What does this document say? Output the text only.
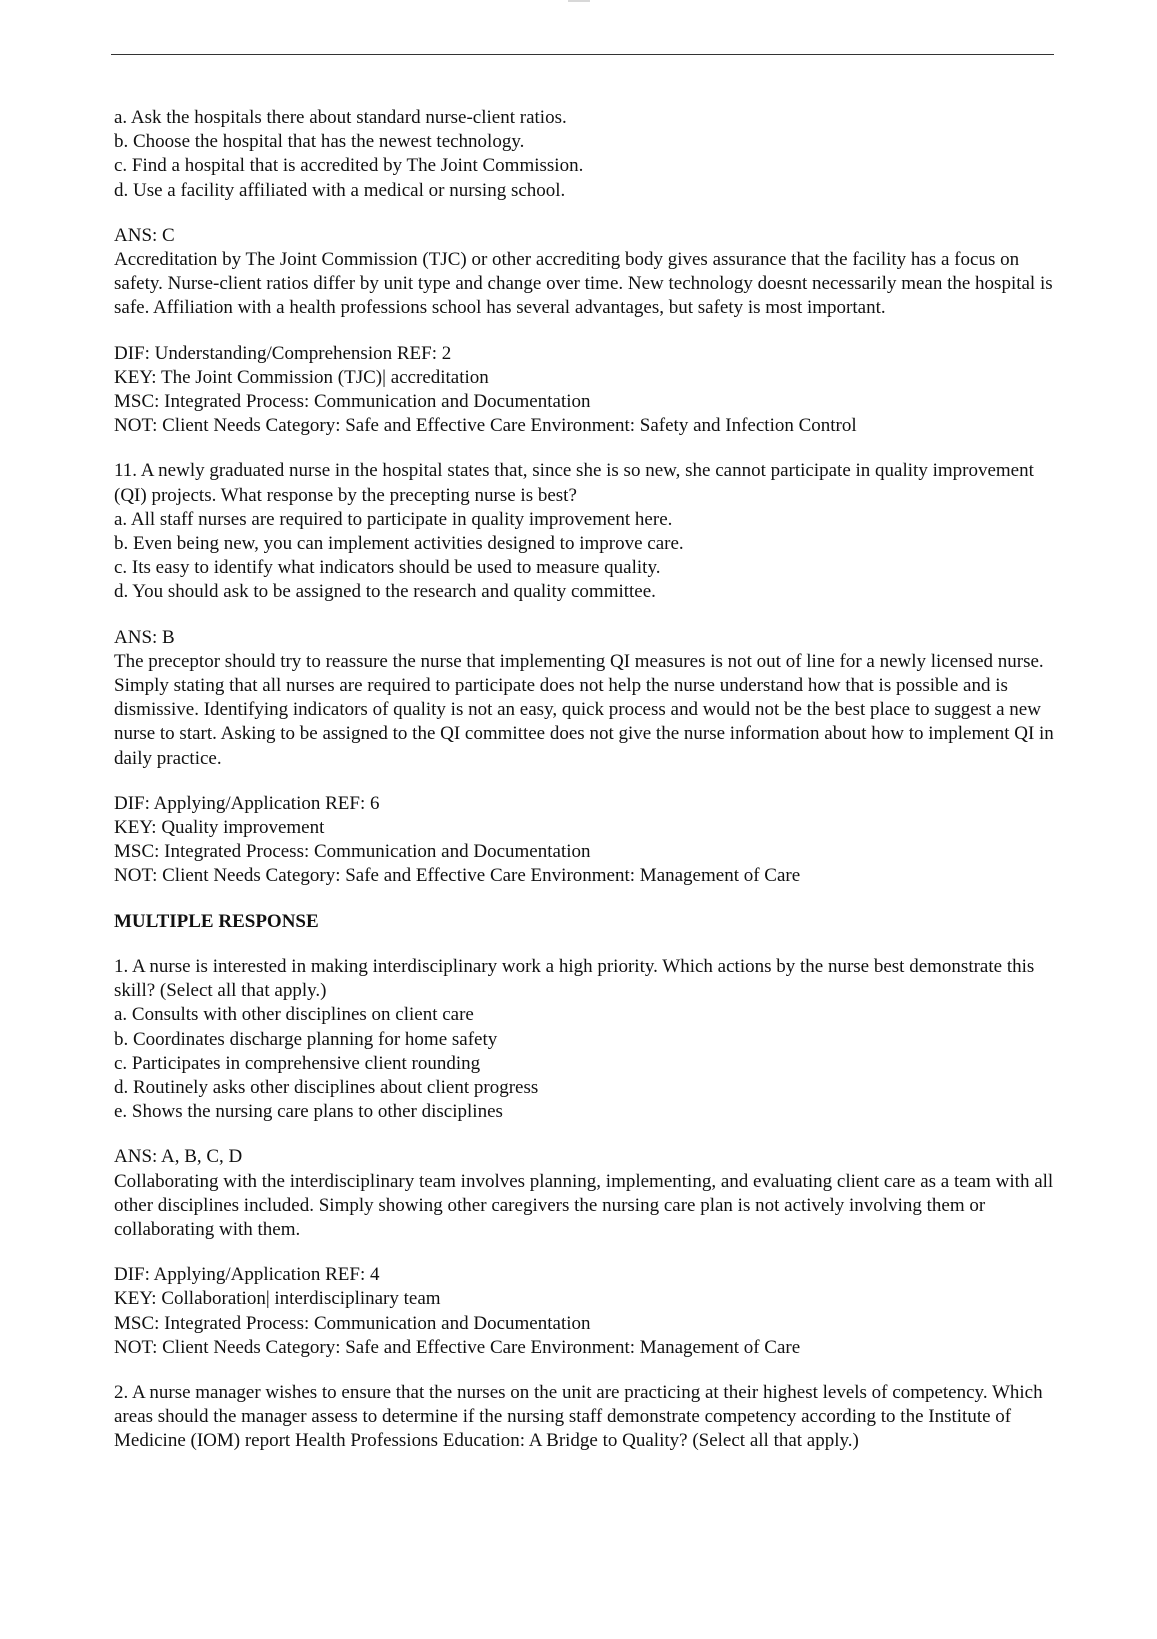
a. Ask the hospitals there about standard nurse-client ratios.
b. Choose the hospital that has the newest technology.
c. Find a hospital that is accredited by The Joint Commission.
d. Use a facility affiliated with a medical or nursing school.
ANS: C
Accreditation by The Joint Commission (TJC) or other accrediting body gives assurance that the facility has a focus on safety. Nurse-client ratios differ by unit type and change over time. New technology doesnt necessarily mean the hospital is safe. Affiliation with a health professions school has several advantages, but safety is most important.
DIF: Understanding/Comprehension REF: 2
KEY: The Joint Commission (TJC)| accreditation
MSC: Integrated Process: Communication and Documentation
NOT: Client Needs Category: Safe and Effective Care Environment: Safety and Infection Control
11. A newly graduated nurse in the hospital states that, since she is so new, she cannot participate in quality improvement (QI) projects. What response by the precepting nurse is best?
a. All staff nurses are required to participate in quality improvement here.
b. Even being new, you can implement activities designed to improve care.
c. Its easy to identify what indicators should be used to measure quality.
d. You should ask to be assigned to the research and quality committee.
ANS: B
The preceptor should try to reassure the nurse that implementing QI measures is not out of line for a newly licensed nurse. Simply stating that all nurses are required to participate does not help the nurse understand how that is possible and is dismissive. Identifying indicators of quality is not an easy, quick process and would not be the best place to suggest a new nurse to start. Asking to be assigned to the QI committee does not give the nurse information about how to implement QI in daily practice.
DIF: Applying/Application REF: 6
KEY: Quality improvement
MSC: Integrated Process: Communication and Documentation
NOT: Client Needs Category: Safe and Effective Care Environment: Management of Care
MULTIPLE RESPONSE
1. A nurse is interested in making interdisciplinary work a high priority. Which actions by the nurse best demonstrate this skill? (Select all that apply.)
a. Consults with other disciplines on client care
b. Coordinates discharge planning for home safety
c. Participates in comprehensive client rounding
d. Routinely asks other disciplines about client progress
e. Shows the nursing care plans to other disciplines
ANS: A, B, C, D
Collaborating with the interdisciplinary team involves planning, implementing, and evaluating client care as a team with all other disciplines included. Simply showing other caregivers the nursing care plan is not actively involving them or collaborating with them.
DIF: Applying/Application REF: 4
KEY: Collaboration| interdisciplinary team
MSC: Integrated Process: Communication and Documentation
NOT: Client Needs Category: Safe and Effective Care Environment: Management of Care
2. A nurse manager wishes to ensure that the nurses on the unit are practicing at their highest levels of competency. Which areas should the manager assess to determine if the nursing staff demonstrate competency according to the Institute of Medicine (IOM) report Health Professions Education: A Bridge to Quality? (Select all that apply.)
